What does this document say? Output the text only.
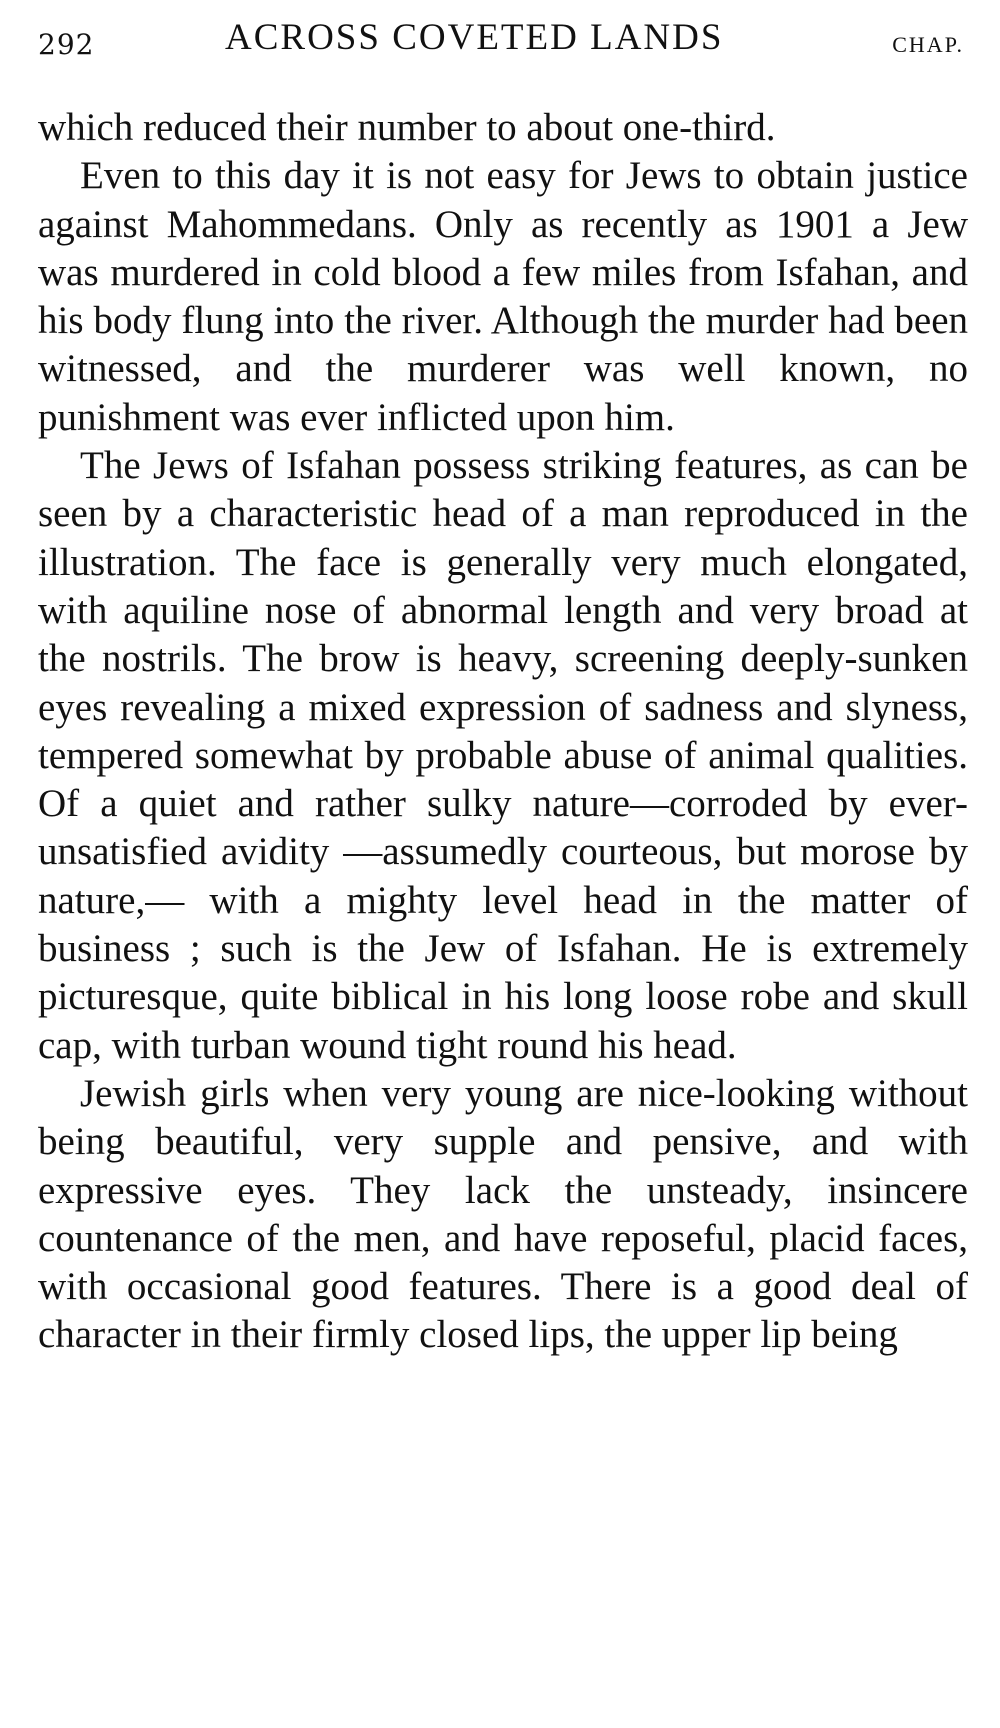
292	ACROSS COVETED LANDS	CHAP.

which reduced their number to about one-third.

Even to this day it is not easy for Jews to obtain justice against Mahommedans. Only as recently as 1901 a Jew was murdered in cold blood a few miles from Isfahan, and his body flung into the river. Although the murder had been witnessed, and the murderer was well known, no punishment was ever inflicted upon him.

The Jews of Isfahan possess striking features, as can be seen by a characteristic head of a man reproduced in the illustration. The face is generally very much elongated, with aquiline nose of abnormal length and very broad at the nostrils. The brow is heavy, screening deeply-sunken eyes revealing a mixed expression of sadness and slyness, tempered somewhat by probable abuse of animal qualities. Of a quiet and rather sulky nature—corroded by ever-unsatisfied avidity —assumedly courteous, but morose by nature,— with a mighty level head in the matter of business ; such is the Jew of Isfahan. He is extremely picturesque, quite biblical in his long loose robe and skull cap, with turban wound tight round his head.

Jewish girls when very young are nice-looking without being beautiful, very supple and pensive, and with expressive eyes. They lack the unsteady, insincere countenance of the men, and have reposeful, placid faces, with occasional good features. There is a good deal of character in their firmly closed lips, the upper lip being
